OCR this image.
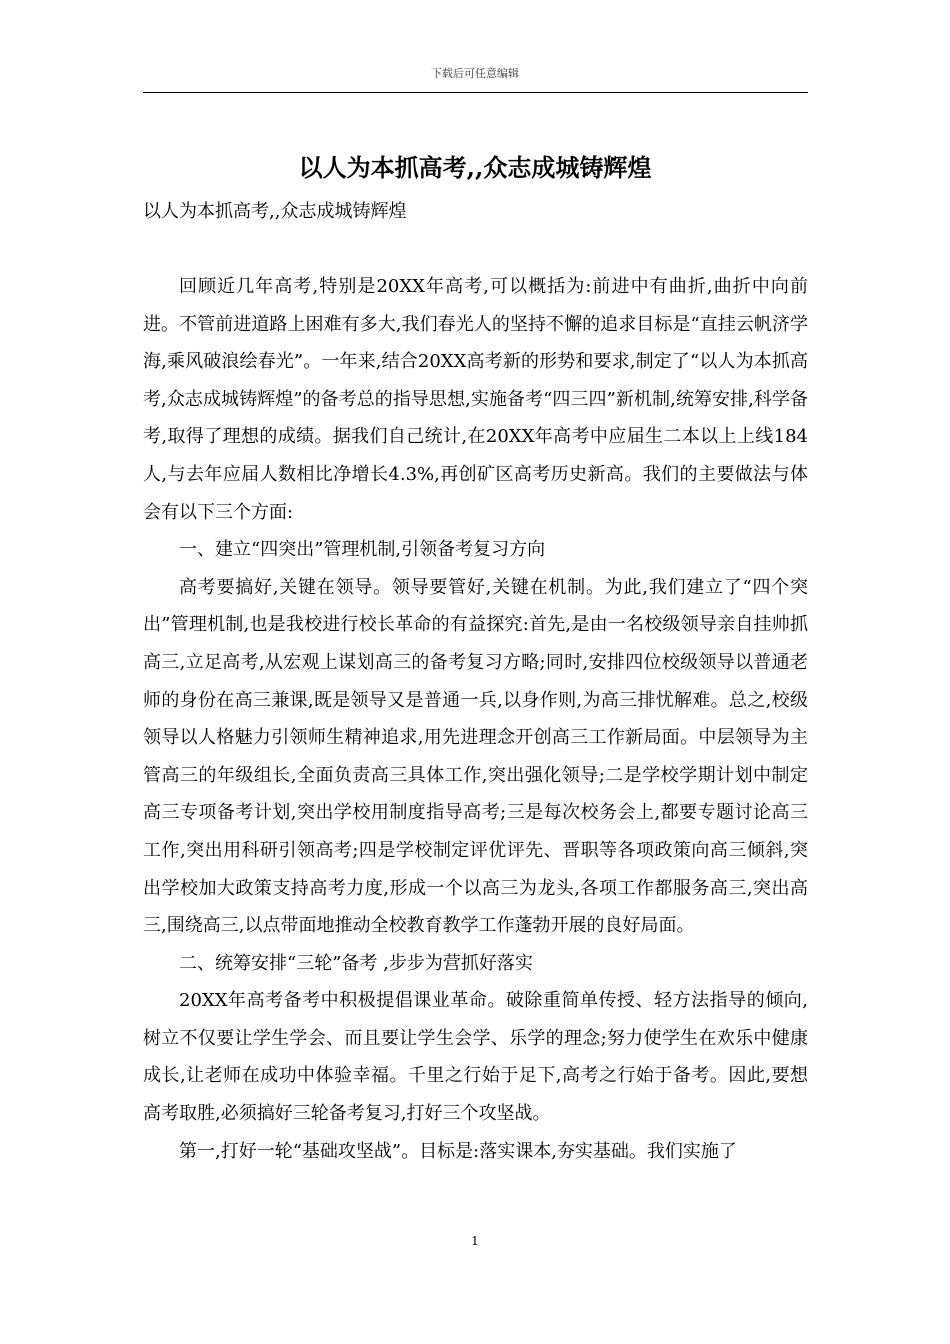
下载后可任意编辑
以人为本抓高考,,众志成城铸辉煌

以人为本抓高考,,众志成城铸辉煌

回顾近几年高考,特别是20XX年高考,可以概括为:前进中有曲折,曲折中向前进。不管前进道路上困难有多大,我们春光人的坚持不懈的追求目标是“直挂云帆济学海,乘风破浪绘春光”。一年来,结合20XX高考新的形势和要求,制定了“以人为本抓高考,众志成城铸辉煌”的备考总的指导思想,实施备考“四三四”新机制,统筹安排,科学备考,取得了理想的成绩。据我们自己统计,在20XX年高考中应届生二本以上上线184人,与去年应届人数相比净增长4.3%,再创矿区高考历史新高。我们的主要做法与体会有以下三个方面:

一、建立“四突出”管理机制,引领备考复习方向

高考要搞好,关键在领导。领导要管好,关键在机制。为此,我们建立了“四个突出”管理机制,也是我校进行校长革命的有益探究:首先,是由一名校级领导亲自挂帅抓高三,立足高考,从宏观上谋划高三的备考复习方略;同时,安排四位校级领导以普通老师的身份在高三兼课,既是领导又是普通一兵,以身作则,为高三排忧解难。总之,校级领导以人格魅力引领师生精神追求,用先进理念开创高三工作新局面。中层领导为主管高三的年级组长,全面负责高三具体工作,突出强化领导;二是学校学期计划中制定高三专项备考计划,突出学校用制度指导高考;三是每次校务会上,都要专题讨论高三工作,突出用科研引领高考;四是学校制定评优评先、晋职等各项政策向高三倾斜,突出学校加大政策支持高考力度,形成一个以高三为龙头,各项工作都服务高三,突出高三,围绕高三,以点带面地推动全校教育教学工作蓬勃开展的良好局面。

二、统筹安排“三轮”备考 ,步步为营抓好落实

20XX年高考备考中积极提倡课业革命。破除重简单传授、轻方法指导的倾向,树立不仅要让学生学会、而且要让学生会学、乐学的理念;努力使学生在欢乐中健康成长,让老师在成功中体验幸福。千里之行始于足下,高考之行始于备考。因此,要想高考取胜,必须搞好三轮备考复习,打好三个攻坚战。

第一,打好一轮“基础攻坚战”。目标是:落实课本,夯实基础。我们实施了

1
